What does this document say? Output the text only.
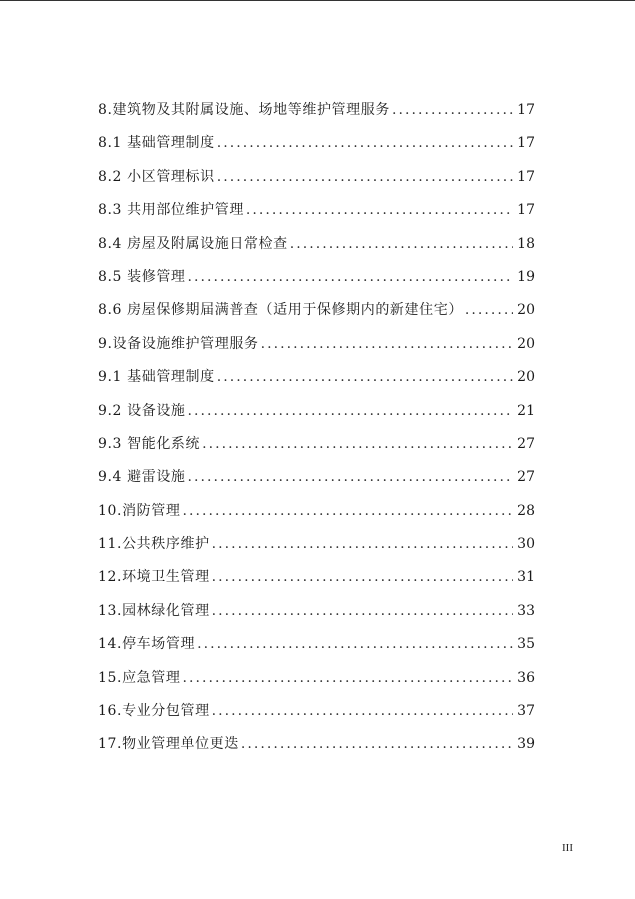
8.建筑物及其附属设施、场地等维护管理服务 . . .	17
8.1 基础管理制度 . . .	17
8.2 小区管理标识 . . .	17
8.3 共用部位维护管理 . . .	17
8.4 房屋及附属设施日常检查 . . .	18
8.5 装修管理 . . .	19
8.6 房屋保修期届满普查（适用于保修期内的新建住宅） . . .	20
9.设备设施维护管理服务 . . .	20
9.1 基础管理制度 . . .	20
9.2 设备设施 . . .	21
9.3 智能化系统 . . .	27
9.4 避雷设施 . . .	27
10.消防管理 . . .	28
11.公共秩序维护 . . .	30
12.环境卫生管理 . . .	31
13.园林绿化管理 . . .	33
14.停车场管理 . . .	35
15.应急管理 . . .	36
16.专业分包管理 . . .	37
17.物业管理单位更迭 . . .	39
III
